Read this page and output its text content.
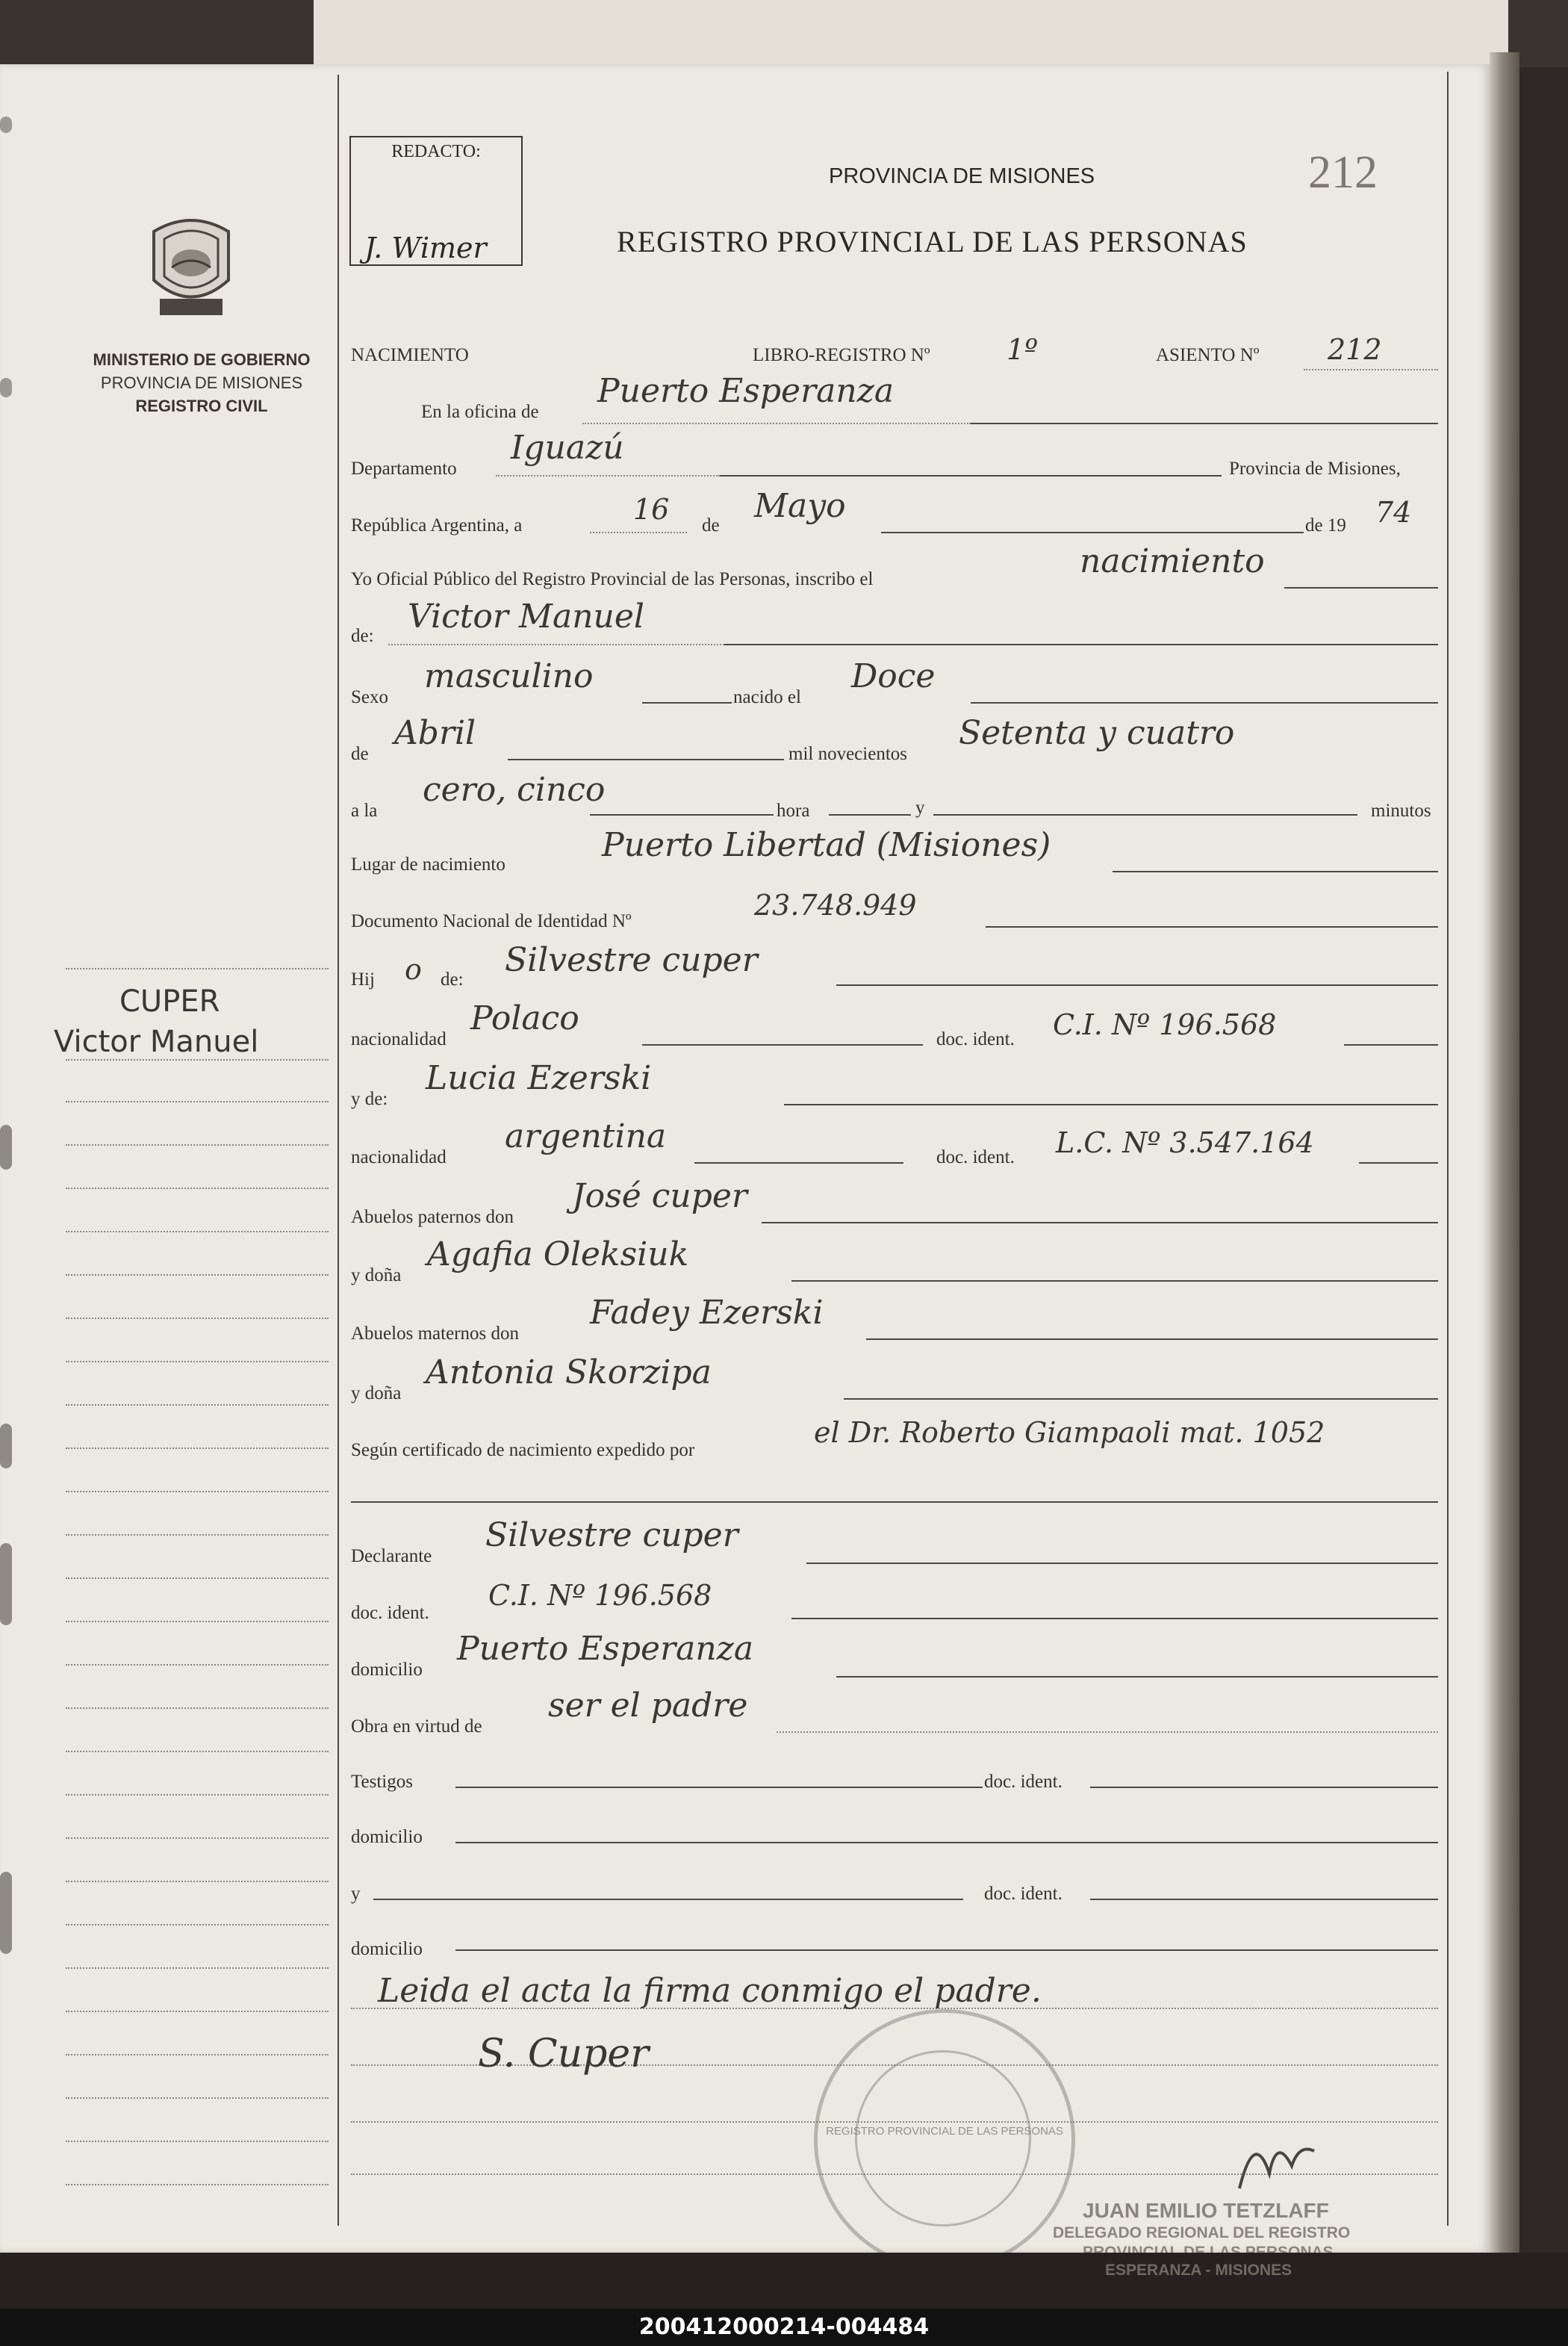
MINISTERIO DE GOBIERNO
PROVINCIA DE MISIONES
REGISTRO CIVIL
CUPER
Victor Manuel
REDACTO:
J. Wimer
PROVINCIA DE MISIONES
REGISTRO PROVINCIAL DE LAS PERSONAS
212
NACIMIENTO	LIBRO-REGISTRO Nº	1º	ASIENTO Nº 212
En la oficina de
Puerto Esperanza
Departamento
Iguazú
Provincia de Misiones,
República Argentina, a	16 de
Mayo
de 19 74
Yo Oficial Público del Registro Provincial de las Personas, inscribo el	nacimiento
de:
Victor Manuel
Sexo
masculino
nacido el
Doce
de
Abril
mil novecientos
Setenta y cuatro
a la
cero, cinco
hora	y	minutos
Lugar de nacimiento
Puerto Libertad (Misiones)
Documento Nacional de Identidad Nº	23.748.949
Hij o de:
Silvestre cuper
nacionalidad
Polaco
doc. ident. C.I. Nº 196.568
y de:
Lucia Ezerski
nacionalidad
argentina
doc. ident. L.C. Nº 3.547.164
Abuelos paternos don
José cuper
y doña
Agafia Oleksiuk
Abuelos maternos don
Fadey Ezerski
y doña
Antonia Skorzipa
Según certificado de nacimiento expedido por
el Dr. Roberto Giampaoli mat. 1052
Declarante
Silvestre cuper
doc. ident.
C.I. Nº 196.568
domicilio
Puerto Esperanza
Obra en virtud de
ser el padre
Testigos	doc. ident.
domicilio
y	doc. ident.
domicilio
Leida el acta la firma conmigo el padre.
S. Cuper
REGISTRO PROVINCIAL DE LAS PERSONAS
JUAN EMILIO TETZLAFF
DELEGADO REGIONAL DEL REGISTRO
ESPERANZA - MISIONES
200412000214-004484
